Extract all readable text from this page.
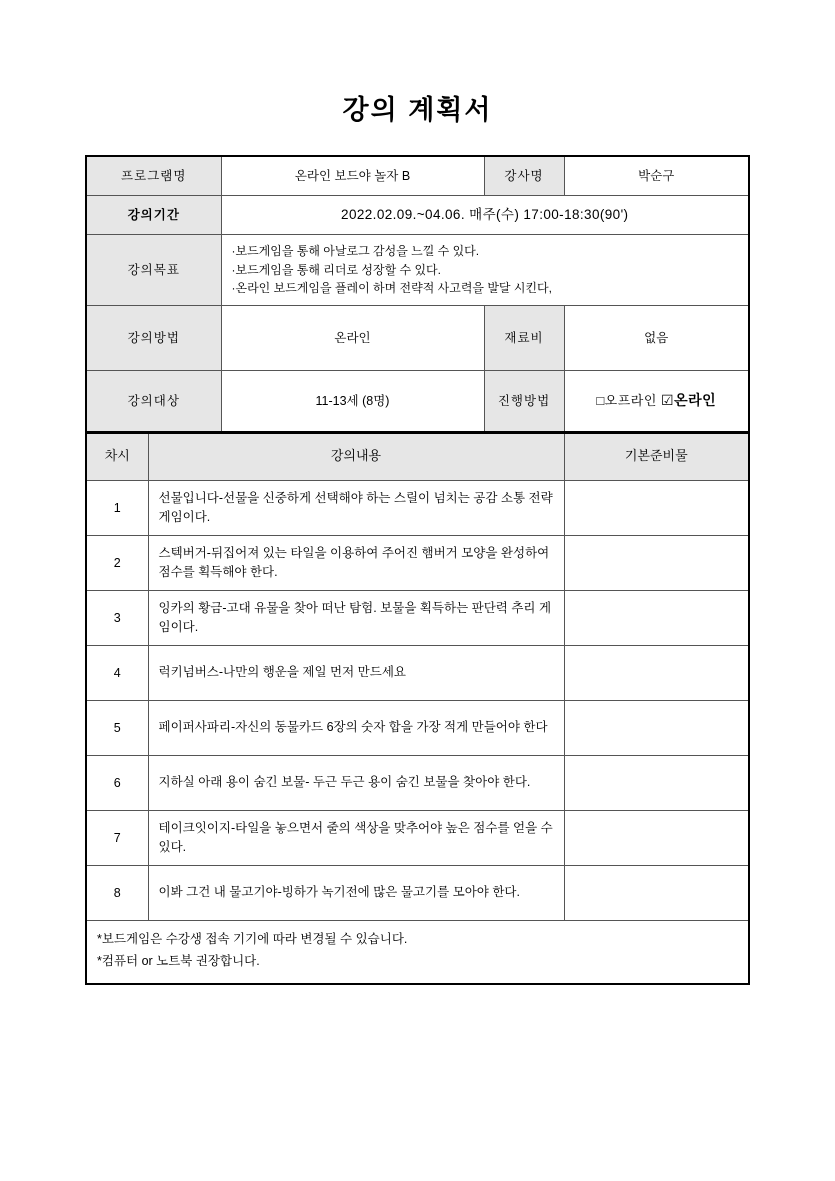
강의 계획서
프로그램명	온라인 보드야 놀자 B	강사명	박순구
강의기간	2022.02.09.~04.06. 매주(수) 17:00-18:30(90')		
강의목표	·보드게임을 통해 아날로그 감성을 느낄 수 있다.
·보드게임을 통해 리더로 성장할 수 있다.
·온라인 보드게임을 플레이 하며 전략적 사고력을 발달 시킨다,		

강의방법	온라인	재료비	없음
강의대상	11-13세 (8명)	진행방법	□오프라인 ☑온라인
차시	강의내용	기본준비물
1	선물입니다-선물을 신중하게 선택해야 하는 스릴이 넘치는 공감 소통 전략 게임이다.	
2	스텍버거-뒤집어져 있는 타일을 이용하여 주어진 햄버거 모양을 완성하여 점수를 획득해야 한다.	
3	잉카의 황금-고대 유물을 찾아 떠난 탐험. 보물을 획득하는 판단력 추리 게임이다.	
4	럭키넘버스-나만의 행운을 제일 먼저 만드세요	
5	페이퍼사파리-자신의 동물카드 6장의 숫자 합을 가장 적게 만들어야 한다	
6	지하실 아래 용이 숨긴 보물- 두근 두근 용이 숨긴 보물을 찾아야 한다.	
7	테이크잇이지-타일을 놓으면서 줄의 색상을 맞추어야 높은 점수를 얻을 수 있다.	
8	이봐 그건 내 물고기야-빙하가 녹기전에 많은 물고기를 모아야 한다.	

*보드게임은 수강생 접속 기기에 따라 변경될 수 있습니다.
*컴퓨터 or 노트북 권장합니다.		
